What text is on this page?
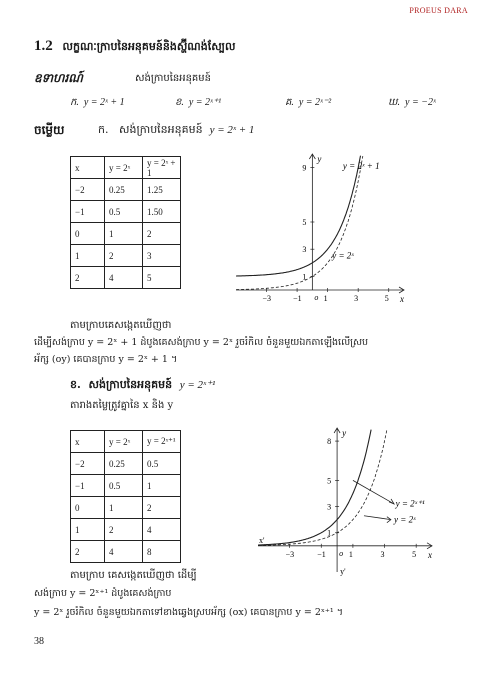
PROEUS DARA
1.2 លក្ខណៈក្រាបនៃអនុគមន៍និងស្ហ៊ីណង់ស្បែល
ឧទាហរណ៍	សង់ក្រាបនៃអនុគមន៍
ក. y = 2ˣ + 1	ខ. y = 2ˣ⁺¹	គ. y = 2ˣ⁻²	ឃ. y = −2ˣ
ចម្លើយ	ក. សង់ក្រាបនៃអនុគមន៍ y = 2ˣ + 1
x	y = 2ˣ	y = 2ˣ + 1
−2	0.25	1.25
−1	0.5	1.50
0	1	2
1	2	3
2	4	5
x
y
o
−3	−1	1	3	5
1
3
5
9	y = 2ˣ + 1
y = 2ˣ
តាមក្រាបគេសង្កេតឃើញថា
ដើម្បីសង់ក្រាប y = 2ˣ + 1 ដំបូងគេសង់ក្រាប y = 2ˣ រួចរំកិល ចំនួនមួយឯកតាឡើងលើស្រប
អ័ក្ស (oy) គេបានក្រាប y = 2ˣ + 1 ។
ខ. សង់ក្រាបនៃអនុគមន៍ y = 2ˣ⁺¹
តារាងតម្លៃត្រូវគ្នានៃ x និង y
x	y = 2ˣ	y = 2ˣ⁺¹
−2	0.25	0.5
−1	0.5	1
0	1	2
1	2	4
2	4	8	x
y
o
x'
y'
−3	−1	1	3	5
1
3
5
8
y = 2ˣ⁺¹
y = 2ˣ
តាមក្រាប គេសង្កេតឃើញថា ដើម្បី
សង់ក្រាប y = 2ˣ⁺¹ ដំបូងគេសង់ក្រាប
y = 2ˣ រួចរំកិល ចំនួនមួយឯកតាទៅខាងឆ្វេងស្របអ័ក្ស (ox) គេបានក្រាប y = 2ˣ⁺¹ ។
38
